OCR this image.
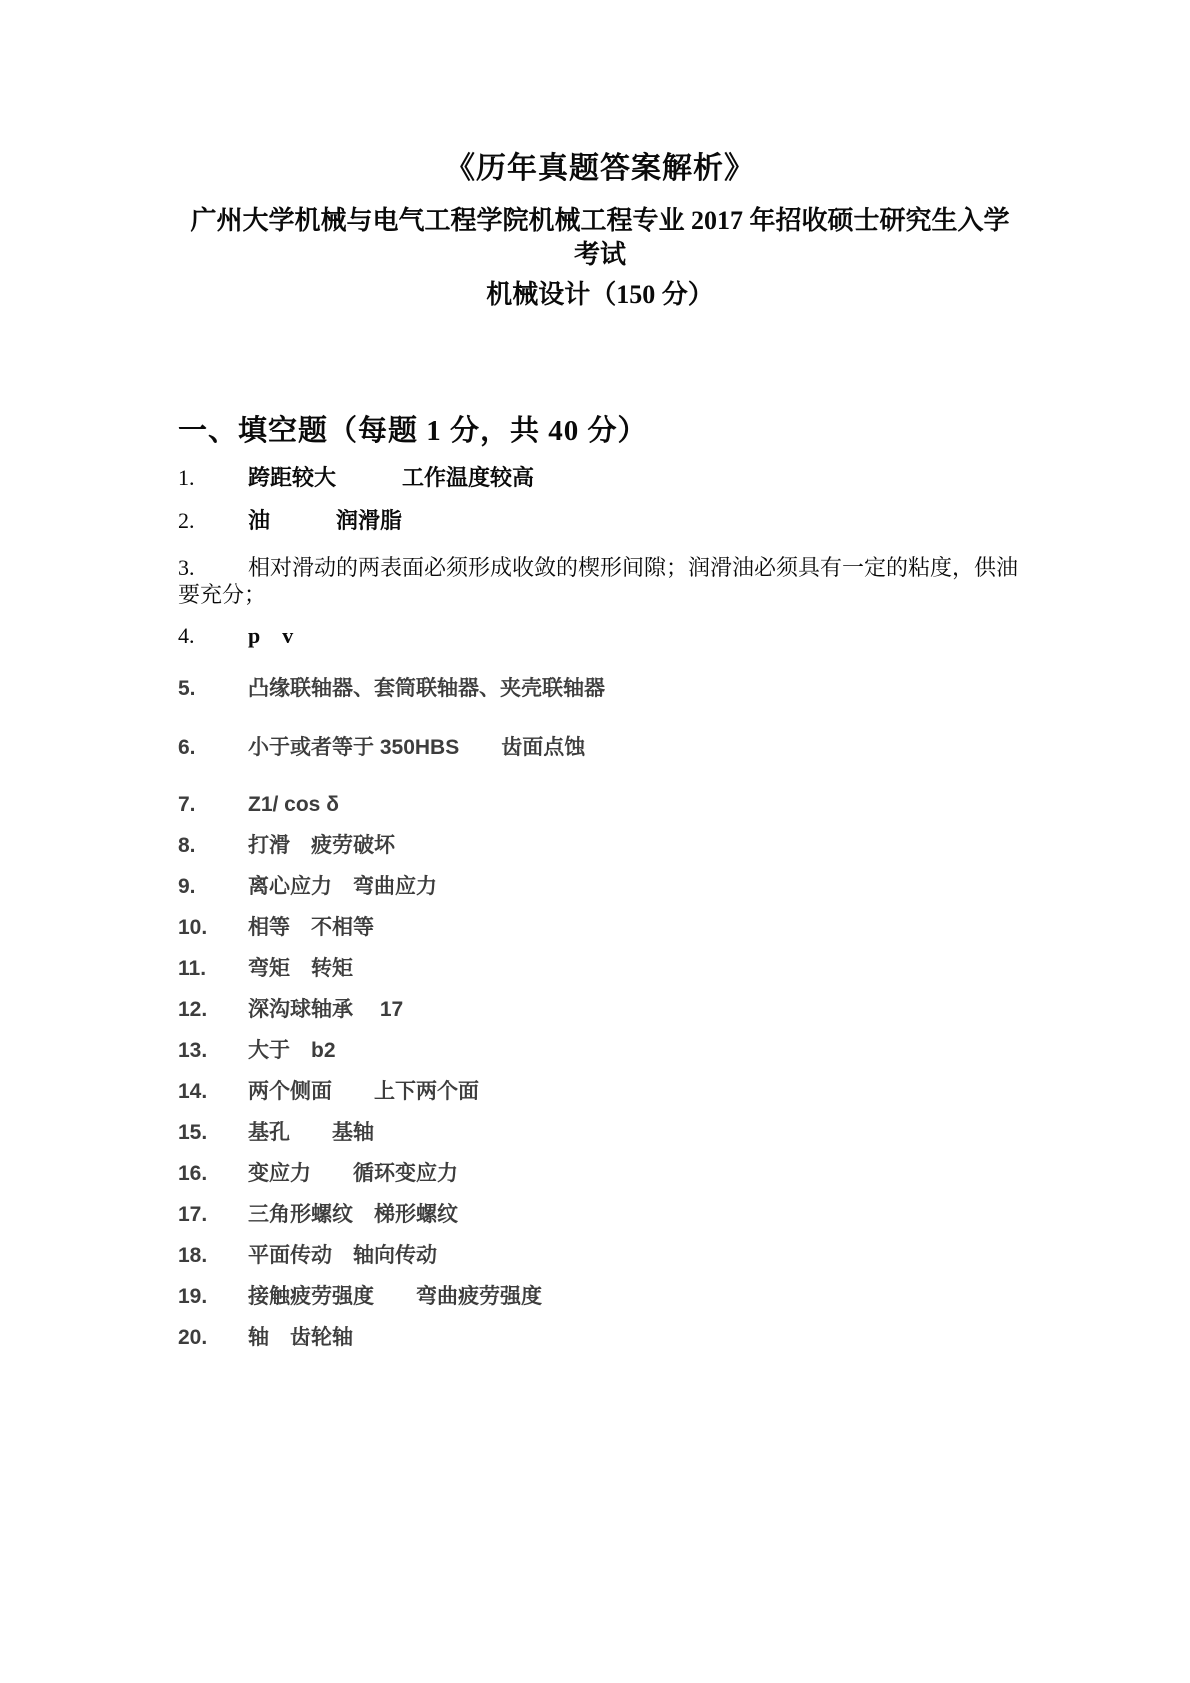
《历年真题答案解析》

广州大学机械与电气工程学院机械工程专业 2017 年招收硕士研究生入学考试

机械设计（150 分）

一、填空题（每题 1 分，共 40 分）
1. 跨距较大　　　工作温度较高
2. 油　　　润滑脂
3. 相对滑动的两表面必须形成收敛的楔形间隙；润滑油必须具有一定的粘度，供油要充分；
4. p　v
5. 凸缘联轴器、套筒联轴器、夹壳联轴器
6. 小于或者等于 350HBS　　齿面点蚀
7. Z1/ cos δ
8. 打滑　疲劳破坏
9. 离心应力　弯曲应力
10. 相等　不相等
11. 弯矩　转矩
12. 深沟球轴承　 17
13. 大于　b2
14. 两个侧面　　上下两个面
15. 基孔　　基轴
16. 变应力　　循环变应力
17. 三角形螺纹　梯形螺纹
18. 平面传动　轴向传动
19. 接触疲劳强度　　弯曲疲劳强度
20. 轴　齿轮轴
